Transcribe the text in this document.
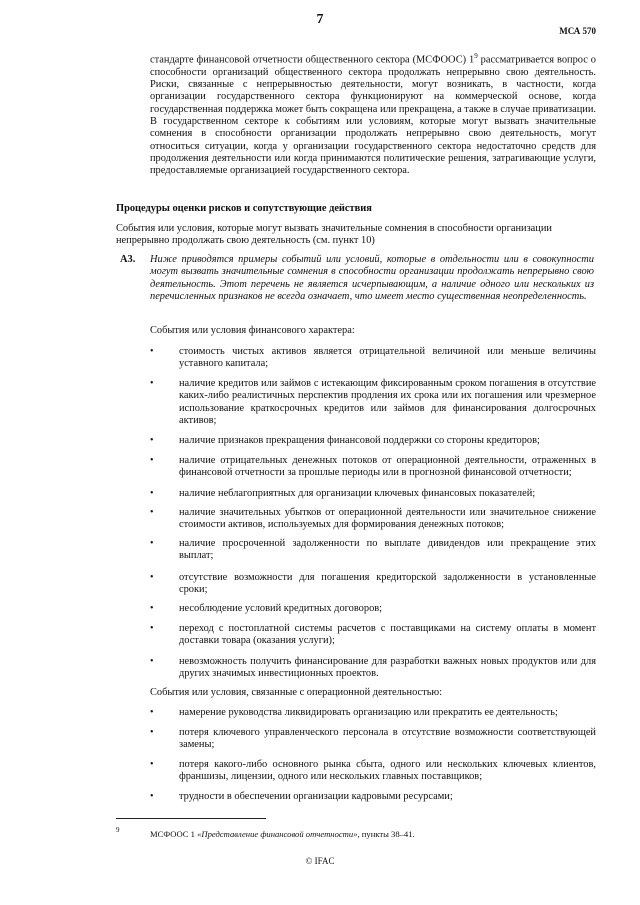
7
МСА 570

стандарте финансовой отчетности общественного сектора (МСФООС) $1^9$ рассматривается вопрос о способности организаций общественного сектора продолжать непрерывно свою деятельность. Риски, связанные с непрерывностью деятельности, могут возникать, в частности, когда организации государственного сектора функционируют на коммерческой основе, когда государственная поддержка может быть сокращена или прекращена, а также в случае приватизации. В государственном секторе к событиям или условиям, которые могут вызвать значительные сомнения в способности организации продолжать непрерывно свою деятельность, могут относиться ситуации, когда у организации государственного сектора недостаточно средств для продолжения деятельности или когда принимаются политические решения, затрагивающие услуги, предоставляемые организацией государственного сектора.

Процедуры оценки рисков и сопутствующие действия

События или условия, которые могут вызвать значительные сомнения в способности организации непрерывно продолжать свою деятельность (см. пункт 10)

A3. Ниже приводятся примеры событий или условий, которые в отдельности или в совокупности могут вызвать значительные сомнения в способности организации продолжать непрерывно свою деятельность. Этот перечень не является исчерпывающим, а наличие одного или нескольких из перечисленных признаков не всегда означает, что имеет место существенная неопределенность.

События или условия финансового характера:

•	стоимость чистых активов является отрицательной величиной или меньше величины уставного капитала;
•	наличие кредитов или займов с истекающим фиксированным сроком погашения в отсутствие каких-либо реалистичных перспектив продления их срока или их погашения или чрезмерное использование краткосрочных кредитов или займов для финансирования долгосрочных активов;
•	наличие признаков прекращения финансовой поддержки со стороны кредиторов;
•	наличие отрицательных денежных потоков от операционной деятельности, отраженных в финансовой отчетности за прошлые периоды или в прогнозной финансовой отчетности;
•	наличие неблагоприятных для организации ключевых финансовых показателей;
•	наличие значительных убытков от операционной деятельности или значительное снижение стоимости активов, используемых для формирования денежных потоков;
•	наличие просроченной задолженности по выплате дивидендов или прекращение этих выплат;
•	отсутствие возможности для погашения кредиторской задолженности в установленные сроки;
•	несоблюдение условий кредитных договоров;
•	переход с постоплатной системы расчетов с поставщиками на систему оплаты в момент доставки товара (оказания услуги);
•	невозможность получить финансирование для разработки важных новых продуктов или для других значимых инвестиционных проектов.

События или условия, связанные с операционной деятельностью:

•	намерение руководства ликвидировать организацию или прекратить ее деятельность;
•	потеря ключевого управленческого персонала в отсутствие возможности соответствующей замены;
•	потеря какого-либо основного рынка сбыта, одного или нескольких ключевых клиентов, франшизы, лицензии, одного или нескольких главных поставщиков;
•	трудности в обеспечении организации кадровыми ресурсами;
9	МСФООС 1 «Представление финансовой отчетности», пункты 38–41.
© IFAC
